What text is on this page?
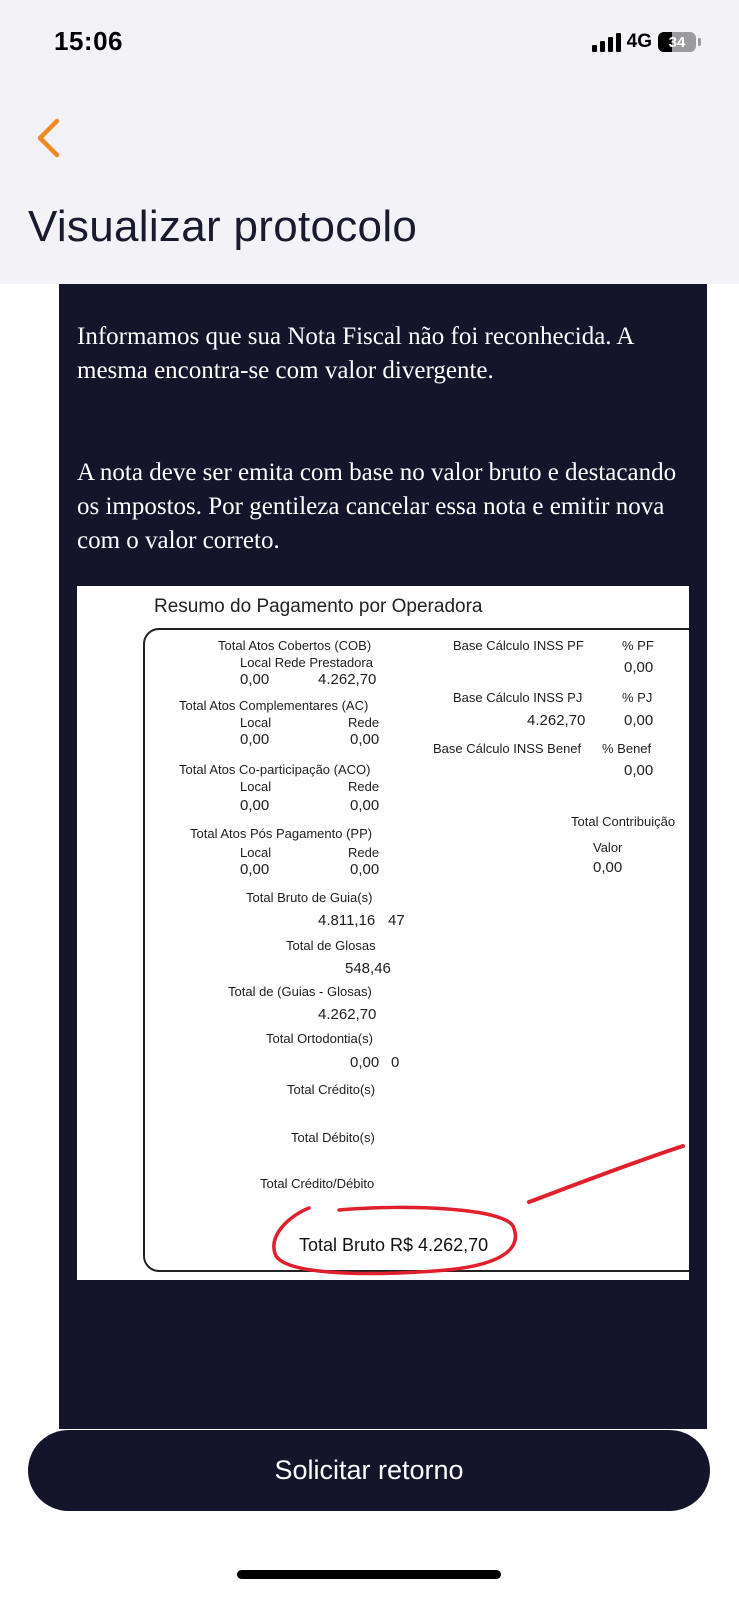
15:06	4G 34
Visualizar protocolo

Informamos que sua Nota Fiscal não foi reconhecida. A mesma encontra-se com valor divergente.

A nota deve ser emita com base no valor bruto e destacando os impostos. Por gentileza cancelar essa nota e emitir nova com o valor correto.

Resumo do Pagamento por Operadora
Total Atos Cobertos (COB)
Local Rede Prestadora
0,00	4.262,70
Total Atos Complementares (AC)
Local	Rede
0,00	0,00
Total Atos Co-participação (ACO)
Local	Rede
0,00	0,00
Total Atos Pós Pagamento (PP)
Local	Rede
0,00	0,00
Total Bruto de Guia(s)
4.811,16 47
Total de Glosas
548,46
Total de (Guias - Glosas)
4.262,70
Total Ortodontia(s)
0,00 0
Total Crédito(s)
Total Débito(s)
Total Crédito/Débito
Base Cálculo INSS PF	% PF
0,00
Base Cálculo INSS PJ	% PJ
4.262,70	0,00
Base Cálculo INSS Benef % Benef
0,00
Total Contribuição
Valor
0,00
Total Bruto R$ 4.262,70
Solicitar retorno
